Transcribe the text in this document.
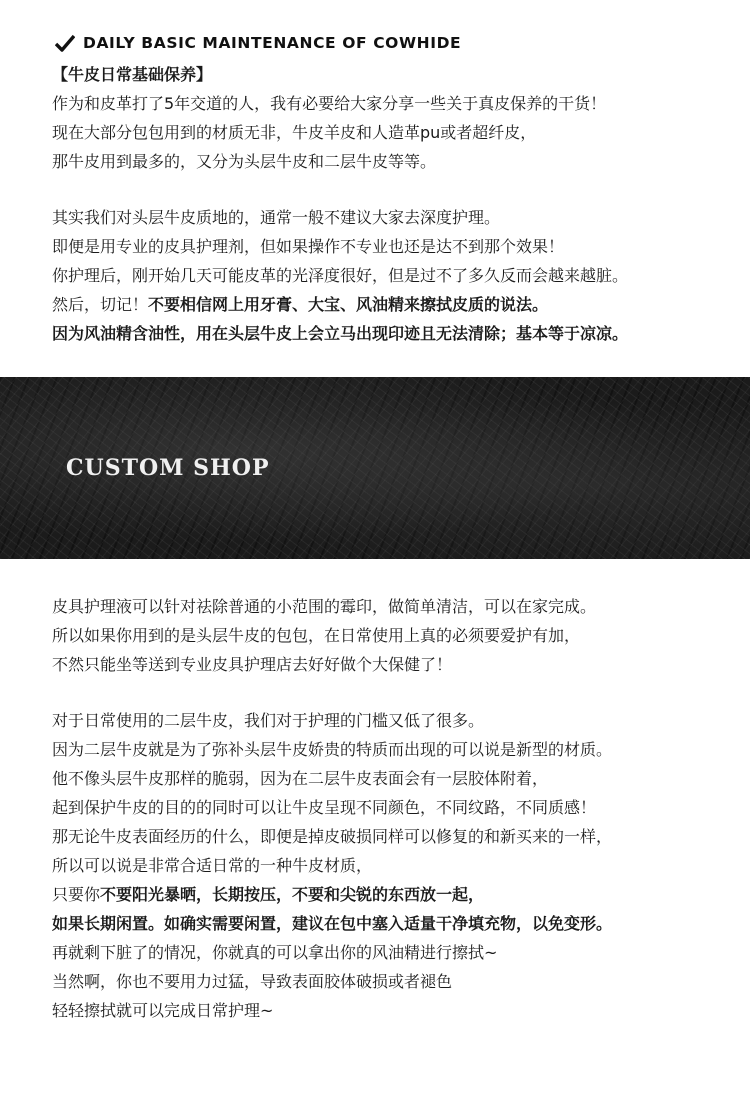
DAILY BASIC MAINTENANCE OF COWHIDE
【牛皮日常基础保养】
作为和皮革打了5年交道的人，我有必要给大家分享一些关于真皮保养的干货！
现在大部分包包用到的材质无非，牛皮羊皮和人造革pu或者超纤皮，
那牛皮用到最多的，又分为头层牛皮和二层牛皮等等。
其实我们对头层牛皮质地的，通常一般不建议大家去深度护理。
即便是用专业的皮具护理剂，但如果操作不专业也还是达不到那个效果！
你护理后，刚开始几天可能皮革的光泽度很好，但是过不了多久反而会越来越脏。
然后，切记！不要相信网上用牙膏、大宝、风油精来擦拭皮质的说法。
因为风油精含油性，用在头层牛皮上会立马出现印迹且无法清除；基本等于凉凉。
CUSTOM SHOP
皮具护理液可以针对祛除普通的小范围的霉印，做简单清洁，可以在家完成。
所以如果你用到的是头层牛皮的包包，在日常使用上真的必须要爱护有加，
不然只能坐等送到专业皮具护理店去好好做个大保健了！
对于日常使用的二层牛皮，我们对于护理的门槛又低了很多。
因为二层牛皮就是为了弥补头层牛皮娇贵的特质而出现的可以说是新型的材质。
他不像头层牛皮那样的脆弱，因为在二层牛皮表面会有一层胶体附着，
起到保护牛皮的目的的同时可以让牛皮呈现不同颜色，不同纹路，不同质感！
那无论牛皮表面经历的什么，即便是掉皮破损同样可以修复的和新买来的一样，
所以可以说是非常合适日常的一种牛皮材质，
只要你不要阳光暴晒，长期按压，不要和尖锐的东西放一起，
如果长期闲置。如确实需要闲置，建议在包中塞入适量干净填充物，以免变形。
再就剩下脏了的情况，你就真的可以拿出你的风油精进行擦拭~
当然啊，你也不要用力过猛，导致表面胶体破损或者褪色
轻轻擦拭就可以完成日常护理~
